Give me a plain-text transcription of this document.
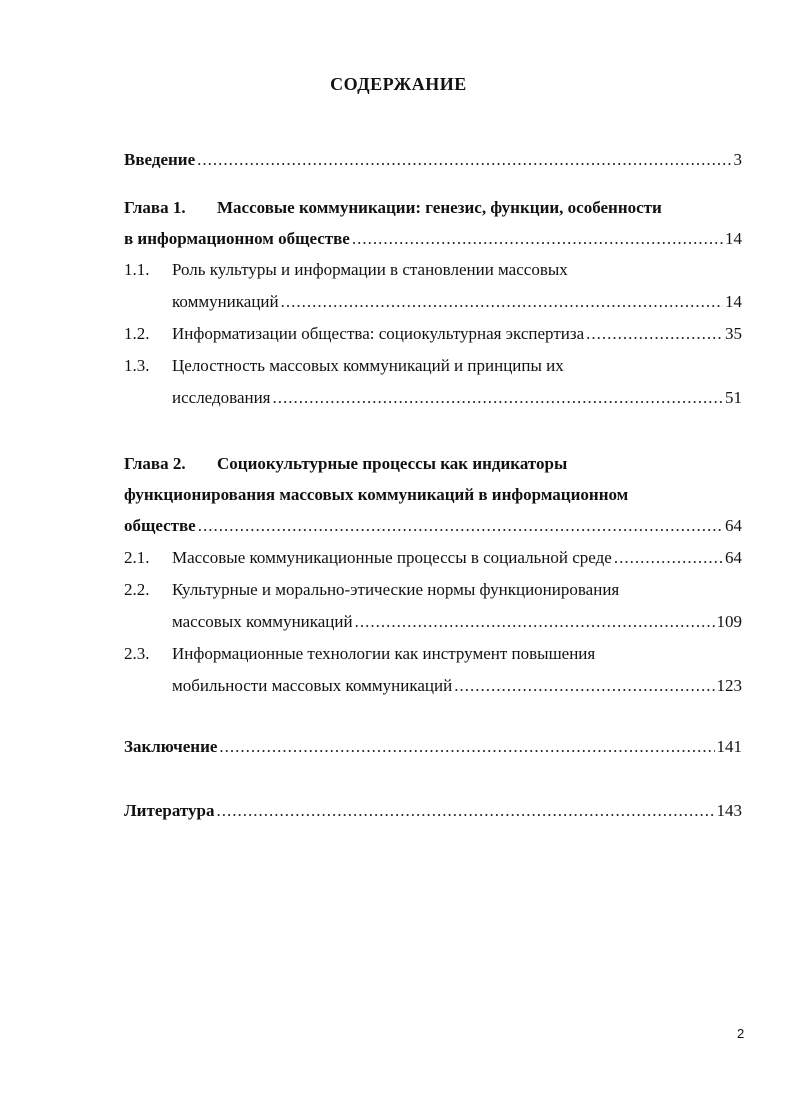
СОДЕРЖАНИЕ
Введение .....	3
Глава 1. Массовые коммуникации: генезис, функции, особенности
в информационном обществе .....	14
1.1. Роль культуры и информации в становлении массовых
коммуникаций .....	14
1.2. Информатизации общества: социокультурная экспертиза .....	35
1.3. Целостность массовых коммуникаций и принципы их
исследования .....	51
Глава 2. Социокультурные процессы как индикаторы
функционирования массовых коммуникаций в информационном
обществе .....	64
2.1. Массовые коммуникационные процессы в социальной среде .....	64
2.2. Культурные и морально-этические нормы функционирования
массовых коммуникаций .....	109
2.3. Информационные технологии как инструмент повышения
мобильности массовых коммуникаций .....	123
Заключение .....	141
Литература .....	143
2
